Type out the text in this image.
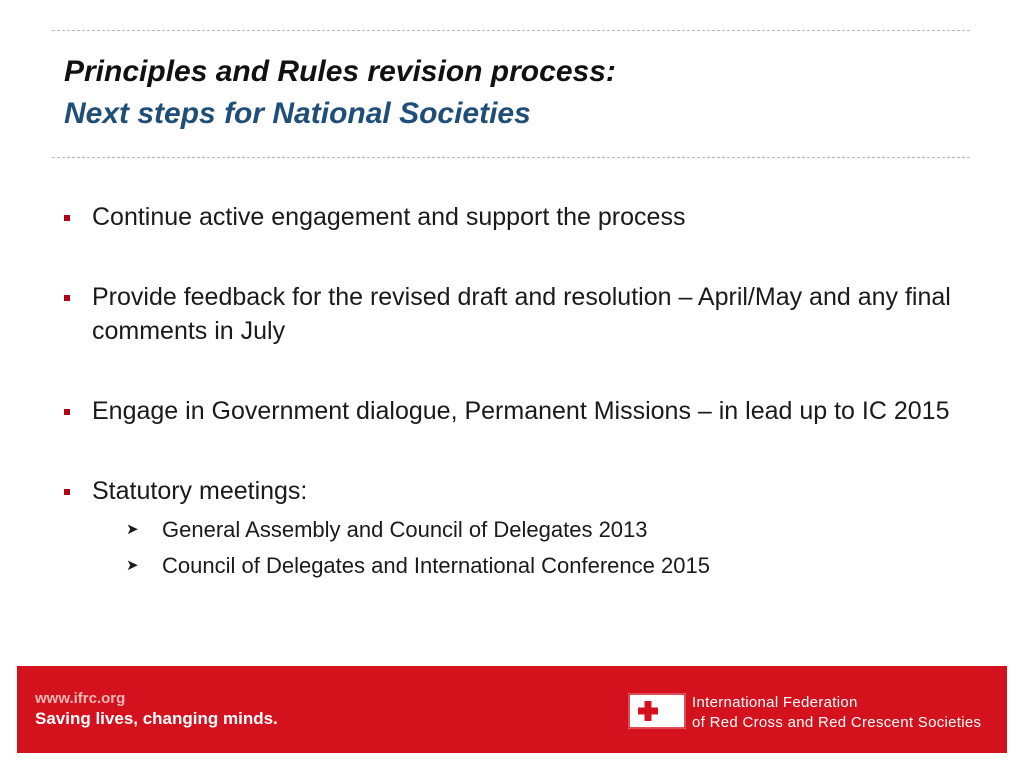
Principles and Rules revision process:
Next steps for National Societies
Continue active engagement and support the process
Provide feedback for the revised draft and resolution – April/May and any final comments in July
Engage in Government dialogue, Permanent Missions – in lead up to IC 2015
Statutory meetings:
➤ General Assembly and Council of Delegates 2013
➤ Council of Delegates and International Conference 2015
www.ifrc.org
Saving lives, changing minds.
International Federation
of Red Cross and Red Crescent Societies
